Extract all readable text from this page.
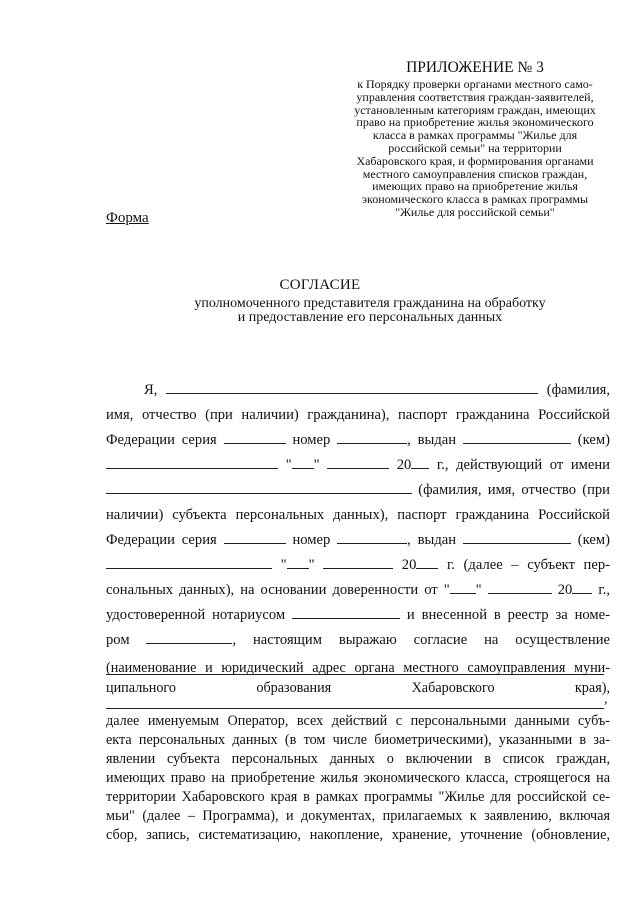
ПРИЛОЖЕНИЕ № 3
к Порядку проверки органами местного само-
управления соответствия граждан-заявителей,
установленным категориям граждан, имеющих
право на приобретение жилья экономического
класса в рамках программы "Жилье для
российской семьи" на территории
Хабаровского края, и формирования органами
местного самоуправления списков граждан,
имеющих право на приобретение жилья
экономического класса в рамках программы
"Жилье для российской семьи"
Форма
СОГЛАСИЕ
уполномоченного представителя гражданина на обработку
и предоставление его персональных данных
Я,	(фамилия,
имя, отчество (при наличии) гражданина), паспорт гражданина Российской
Федерации серия	номер	, выдан	(кем)
" "	20 г., действующий от имени
(фамилия, имя, отчество (при
наличии) субъекта персональных данных), паспорт гражданина Российской
Федерации серия	номер	, выдан	(кем)
" "	20 г. (далее – субъект пер-
сональных данных), на основании доверенности от " "	20 г.,
удостоверенной нотариусом	и внесенной в реестр за номе-
ром	, настоящим выражаю согласие на осуществление
(наименование и юридический адрес органа местного самоуправления муни-
ципального	образования	Хабаровского	края),
,
далее именуемым Оператор, всех действий с персональными данными субъ-
екта персональных данных (в том числе биометрическими), указанными в за-
явлении субъекта персональных данных о включении в список граждан,
имеющих право на приобретение жилья экономического класса, строящегося на
территории Хабаровского края в рамках программы "Жилье для российской се-
мьи" (далее – Программа), и документах, прилагаемых к заявлению, включая
сбор, запись, систематизацию, накопление, хранение, уточнение (обновление,
